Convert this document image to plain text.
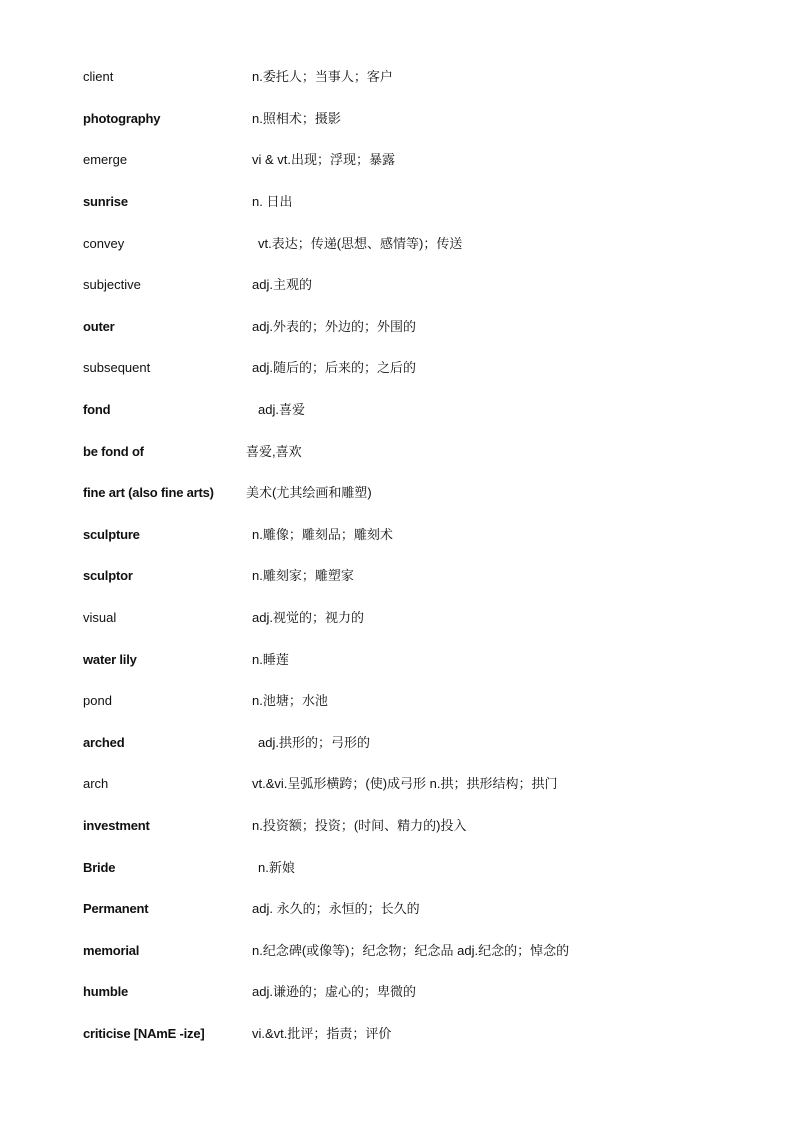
client	n.委托人；当事人；客户
photography	n.照相术；摄影
emerge	vi & vt.出现；浮现；暴露
sunrise	n. 日出
convey	vt.表达；传递(思想、感情等)；传送
subjective	adj.主观的
outer	adj.外表的；外边的；外围的
subsequent	adj.随后的；后来的；之后的
fond	adj.喜爱
be fond of	喜爱,喜欢
fine art (also fine arts) 美术(尤其绘画和雕塑)
sculpture	n.雕像；雕刻品；雕刻术
sculptor	n.雕刻家；雕塑家
visual	adj.视觉的；视力的
water lily	n.睡莲
pond	n.池塘；水池
arched	adj.拱形的；弓形的
arch	vt.&vi.呈弧形横跨；(使)成弓形 n.拱；拱形结构；拱门
investment	n.投资额；投资；(时间、精力的)投入
Bride	n.新娘
Permanent	adj. 永久的；永恒的；长久的
memorial	n.纪念碑(或像等)；纪念物；纪念品 adj.纪念的；悼念的
humble	adj.谦逊的；虚心的；卑微的
criticise [NAmE -ize]	vi.&vt.批评；指责；评价
